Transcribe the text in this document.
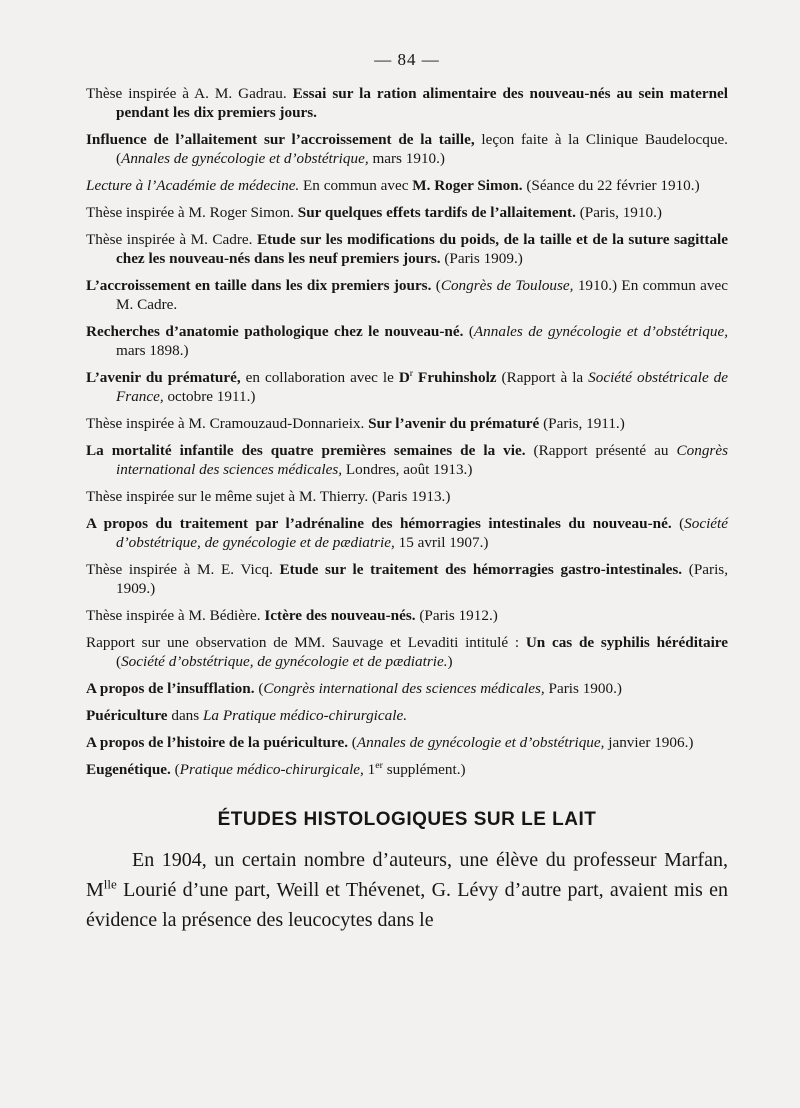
— 84 —

Thèse inspirée à A. M. Gadrau. Essai sur la ration alimentaire des nouveau-nés au sein maternel pendant les dix premiers jours.

Influence de l’allaitement sur l’accroissement de la taille, leçon faite à la Clinique Baudelocque. (Annales de gynécologie et d’obstétrique, mars 1910.)

Lecture à l’Académie de médecine. En commun avec M. Roger Simon. (Séance du 22 février 1910.)

Thèse inspirée à M. Roger Simon. Sur quelques effets tardifs de l’allaitement. (Paris, 1910.)

Thèse inspirée à M. Cadre. Etude sur les modifications du poids, de la taille et de la suture sagittale chez les nouveau-nés dans les neuf premiers jours. (Paris 1909.)

L’accroissement en taille dans les dix premiers jours. (Congrès de Toulouse, 1910.) En commun avec M. Cadre.

Recherches d’anatomie pathologique chez le nouveau-né. (Annales de gynécologie et d’obstétrique, mars 1898.)

L’avenir du prématuré, en collaboration avec le $D^r$ Fruhinsholz (Rapport à la Société obstétricale de France, octobre 1911.)

Thèse inspirée à M. Cramouzaud-Donnarieix. Sur l’avenir du prématuré (Paris, 1911.)

La mortalité infantile des quatre premières semaines de la vie. (Rapport présenté au Congrès international des sciences médicales, Londres, août 1913.)

Thèse inspirée sur le même sujet à M. Thierry. (Paris 1913.)

A propos du traitement par l’adrénaline des hémorragies intestinales du nouveau-né. (Société d’obstétrique, de gynécologie et de pædiatrie, 15 avril 1907.)

Thèse inspirée à M. E. Vicq. Etude sur le traitement des hémorragies gastro-intestinales. (Paris, 1909.)

Thèse inspirée à M. Bédière. Ictère des nouveau-nés. (Paris 1912.)

Rapport sur une observation de MM. Sauvage et Levaditi intitulé : Un cas de syphilis héréditaire (Société d’obstétrique, de gynécologie et de pædiatrie.)

A propos de l’insufflation. (Congrès international des sciences médicales, Paris 1900.)

Puériculture dans La Pratique médico-chirurgicale.

A propos de l’histoire de la puériculture. (Annales de gynécologie et d’obstétrique, janvier 1906.)

Eugenétique. (Pratique médico-chirurgicale, 1er supplément.)

ÉTUDES HISTOLOGIQUES SUR LE LAIT

En 1904, un certain nombre d’auteurs, une élève du professeur Marfan, $M^{lle}$ Lourié d’une part, Weill et Thévenet, G. Lévy d’autre part, avaient mis en évidence la présence des leucocytes dans le
